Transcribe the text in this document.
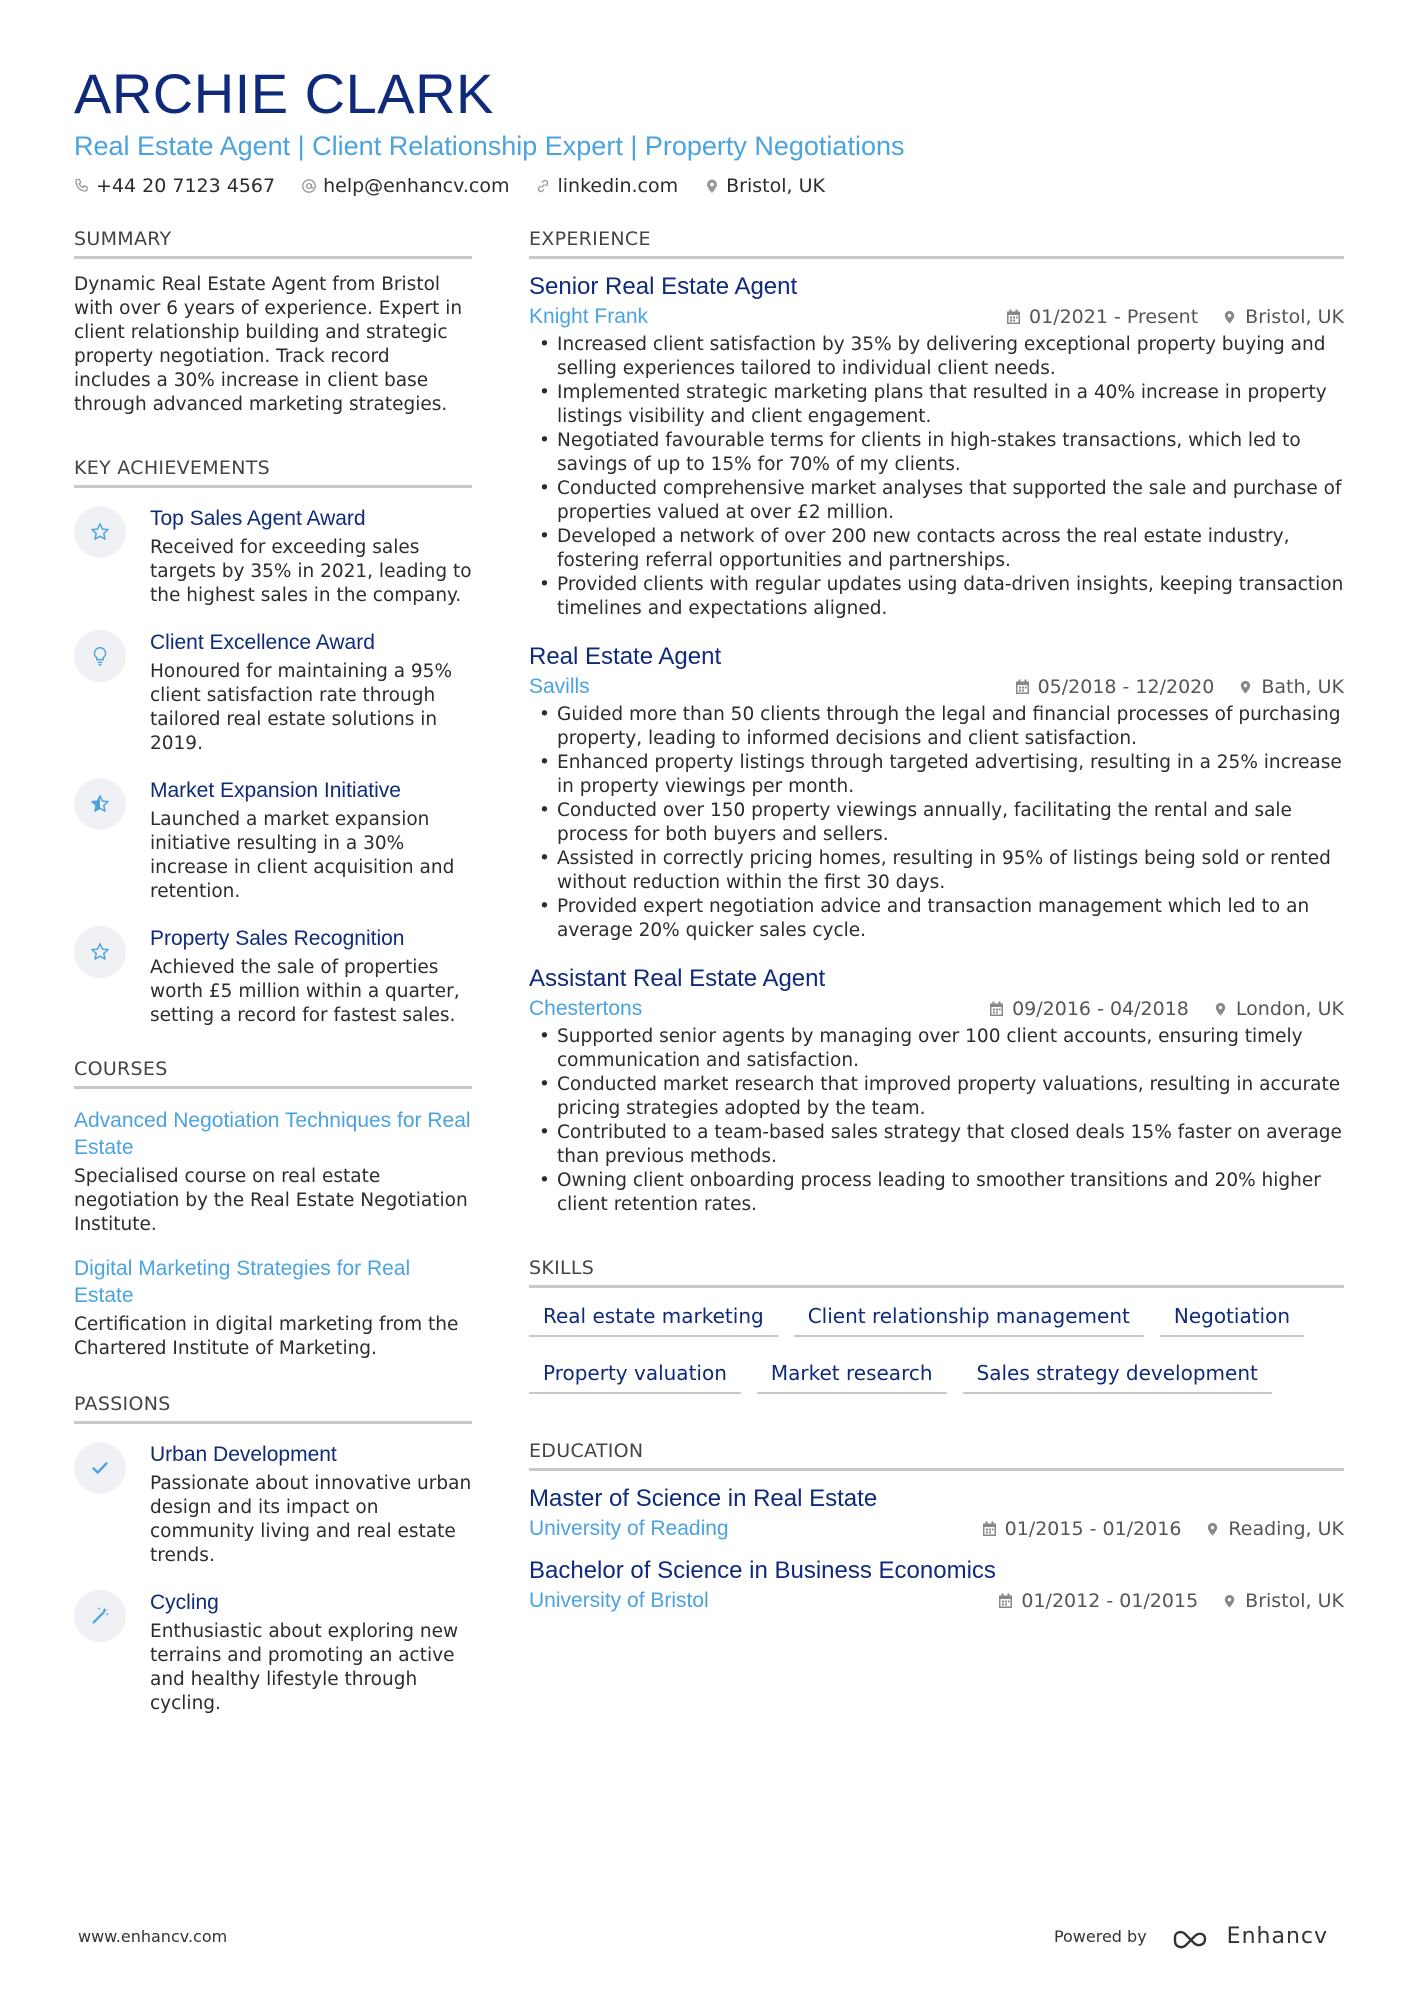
ARCHIE CLARK
Real Estate Agent | Client Relationship Expert | Property Negotiations
+44 20 7123 4567	help@enhancv.com	linkedin.com	Bristol, UK
SUMMARY
Dynamic Real Estate Agent from Bristol with over 6 years of experience. Expert in client relationship building and strategic property negotiation. Track record includes a 30% increase in client base through advanced marketing strategies.
KEY ACHIEVEMENTS
Top Sales Agent Award
Received for exceeding sales targets by 35% in 2021, leading to the highest sales in the company.
Client Excellence Award
Honoured for maintaining a 95% client satisfaction rate through tailored real estate solutions in 2019.
Market Expansion Initiative
Launched a market expansion initiative resulting in a 30% increase in client acquisition and retention.
Property Sales Recognition
Achieved the sale of properties worth £5 million within a quarter, setting a record for fastest sales.
COURSES
Advanced Negotiation Techniques for Real Estate
Specialised course on real estate negotiation by the Real Estate Negotiation Institute.
Digital Marketing Strategies for Real Estate
Certification in digital marketing from the Chartered Institute of Marketing.
PASSIONS
Urban Development
Passionate about innovative urban design and its impact on community living and real estate trends.
Cycling
Enthusiastic about exploring new terrains and promoting an active and healthy lifestyle through cycling.
EXPERIENCE
Senior Real Estate Agent
Knight Frank	01/2021 - Present Bristol, UK
• Increased client satisfaction by 35% by delivering exceptional property buying and selling experiences tailored to individual client needs.
• Implemented strategic marketing plans that resulted in a 40% increase in property listings visibility and client engagement.
• Negotiated favourable terms for clients in high-stakes transactions, which led to savings of up to 15% for 70% of my clients.
• Conducted comprehensive market analyses that supported the sale and purchase of properties valued at over £2 million.
• Developed a network of over 200 new contacts across the real estate industry, fostering referral opportunities and partnerships.
• Provided clients with regular updates using data-driven insights, keeping transaction timelines and expectations aligned.
Real Estate Agent
Savills	05/2018 - 12/2020 Bath, UK
• Guided more than 50 clients through the legal and financial processes of purchasing property, leading to informed decisions and client satisfaction.
• Enhanced property listings through targeted advertising, resulting in a 25% increase in property viewings per month.
• Conducted over 150 property viewings annually, facilitating the rental and sale process for both buyers and sellers.
• Assisted in correctly pricing homes, resulting in 95% of listings being sold or rented without reduction within the first 30 days.
• Provided expert negotiation advice and transaction management which led to an average 20% quicker sales cycle.
Assistant Real Estate Agent
Chestertons	09/2016 - 04/2018 London, UK
• Supported senior agents by managing over 100 client accounts, ensuring timely communication and satisfaction.
• Conducted market research that improved property valuations, resulting in accurate pricing strategies adopted by the team.
• Contributed to a team-based sales strategy that closed deals 15% faster on average than previous methods.
• Owning client onboarding process leading to smoother transitions and 20% higher client retention rates.
SKILLS
Real estate marketing	Client relationship management	Negotiation
Property valuation	Market research	Sales strategy development
EDUCATION
Master of Science in Real Estate
University of Reading	01/2015 - 01/2016 Reading, UK
Bachelor of Science in Business Economics
University of Bristol	01/2012 - 01/2015 Bristol, UK
www.enhancv.com	Powered by	Enhancv
